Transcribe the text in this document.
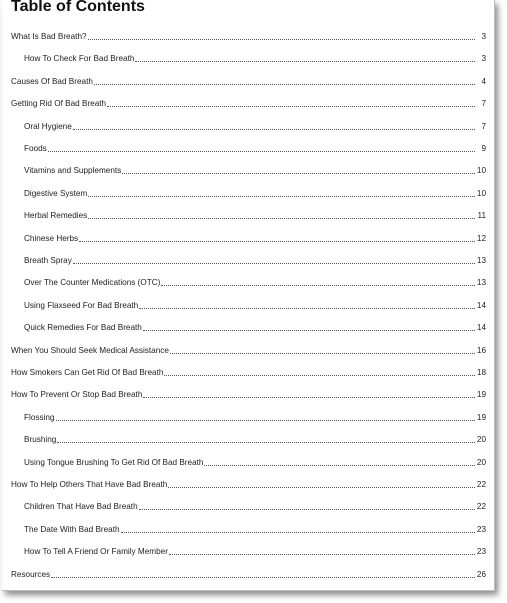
Table of Contents
What Is Bad Breath?	3
How To Check For Bad Breath	3
Causes Of Bad Breath	4
Getting Rid Of Bad Breath	7
Oral Hygiene	7
Foods	9
Vitamins and Supplements	10
Digestive System	10
Herbal Remedies	11
Chinese Herbs	12
Breath Spray	13
Over The Counter Medications (OTC)	13
Using Flaxseed For Bad Breath	14
Quick Remedies For Bad Breath	14
When You Should Seek Medical Assistance	16
How Smokers Can Get Rid Of Bad Breath	18
How To Prevent Or Stop Bad Breath	19
Flossing	19
Brushing	20
Using Tongue Brushing To Get Rid Of Bad Breath	20
How To Help Others That Have Bad Breath	22
Children That Have Bad Breath	22
The Date With Bad Breath	23
How To Tell A Friend Or Family Member	23
Resources	26
